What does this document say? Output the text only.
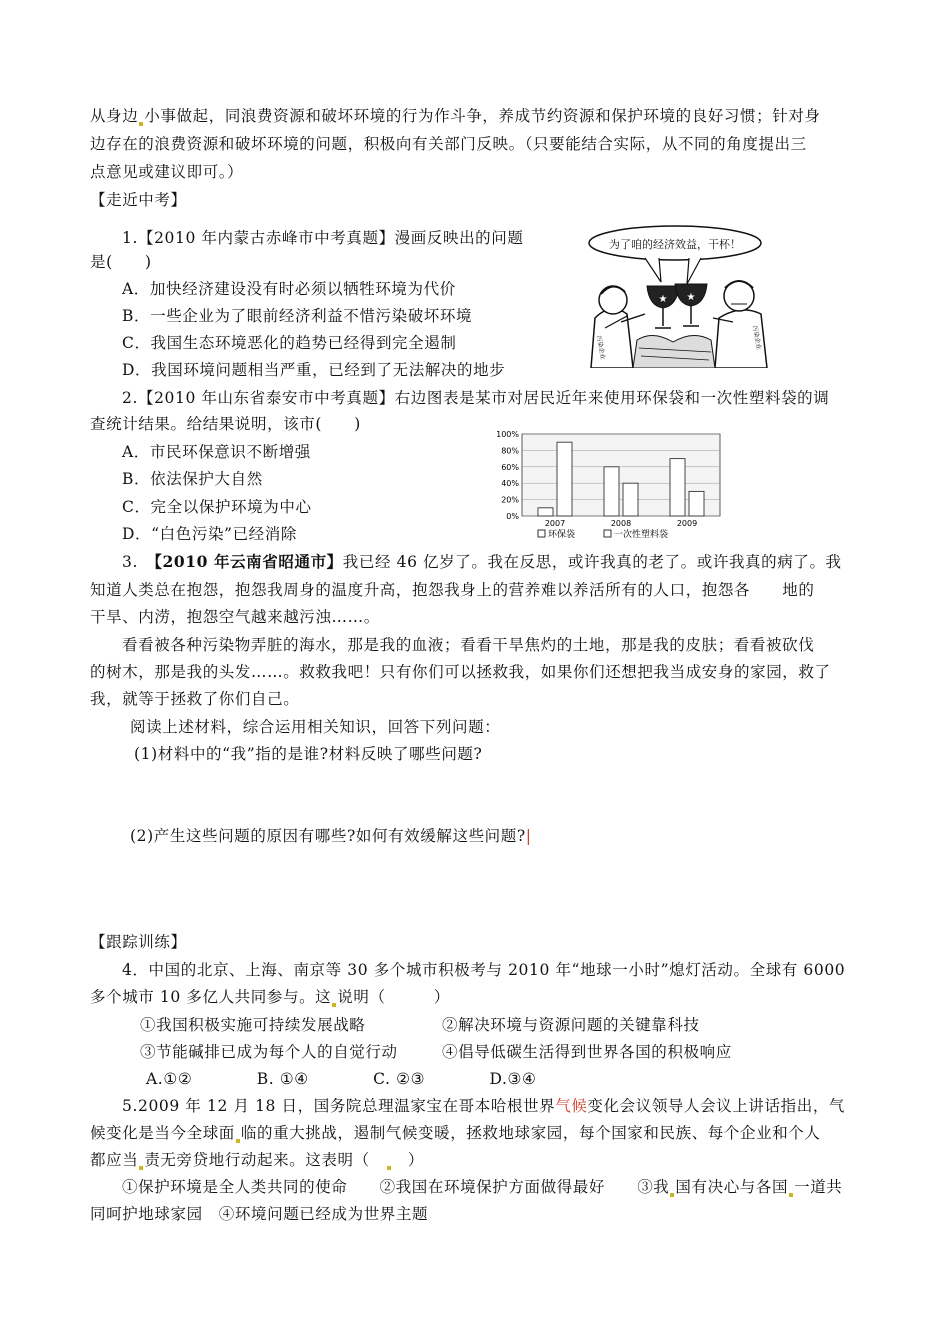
从身边 小事做起，同浪费资源和破坏环境的行为作斗争，养成节约资源和保护环境的良好习惯；针对身
边存在的浪费资源和破坏环境的问题，积极向有关部门反映。（只要能结合实际，从不同的角度提出三
点意见或建议即可。）
【走近中考】
1.【2010 年内蒙古赤峰市中考真题】漫画反映出的问题
是(　　)
A．加快经济建设没有时必须以牺牲环境为代价
B．一些企业为了眼前经济利益不惜污染破坏环境
C．我国生态环境恶化的趋势已经得到完全遏制
D．我国环境问题相当严重，已经到了无法解决的地步
为了咱的经济效益，干杯！
污染企业
★ ★
污染企业
2.【2010 年山东省泰安市中考真题】右边图表是某市对居民近年来使用环保袋和一次性塑料袋的调
查统计结果。给结果说明，该市(　　)
A．市民环保意识不断增强
B．依法保护大自然
C．完全以保护环境为中心
D．“白色污染”已经消除
100%
80%
60%
40%
20%
0%
2007	2008	2009
环保袋	一次性塑料袋
3.　【2010 年云南省昭通市】我已经 46 亿岁了。我在反思，或许我真的老了。或许我真的病了。我
知道人类总在抱怨，抱怨我周身的温度升高，抱怨我身上的营养难以养活所有的人口，抱怨各　　地的
干旱、内涝，抱怨空气越来越污浊……。
看看被各种污染物弄脏的海水，那是我的血液；看看干旱焦灼的土地，那是我的皮肤；看看被砍伐
的树木，那是我的头发……。救救我吧！只有你们可以拯救我，如果你们还想把我当成安身的家园，救了
我，就等于拯救了你们自己。
阅读上述材料，综合运用相关知识，回答下列问题：
(1)材料中的“我”指的是谁?材料反映了哪些问题?
(2)产生这些问题的原因有哪些?如何有效缓解这些问题?|
【跟踪训练】
4．中国的北京、上海、南京等 30 多个城市积极考与 2010 年“地球一小时”熄灯活动。全球有 6000
多个城市 10 多亿人共同参与。这 说明（　　　）
①我国积极实施可持续发展战略	②解决环境与资源问题的关键靠科技
③节能碱排已成为每个人的自觉行动	④倡导低碳生活得到世界各国的积极响应
A.①②　　　　B. ①④　　　　C. ②③　　　　D.③④
5.2009 年 12 月 18 日，国务院总理温家宝在哥本哈根世界气候变化会议领导人会议上讲话指出，气
候变化是当今全球面 临的重大挑战，遏制气候变暖，拯救地球家园，每个国家和民族、每个企业和个人
都应当 责无旁贷地行动起来。这表明（　　）
①保护环境是全人类共同的使命　　②我国在环境保护方面做得最好　　③我 国有决心与各国 一道共
同呵护地球家园　④环境问题已经成为世界主题
